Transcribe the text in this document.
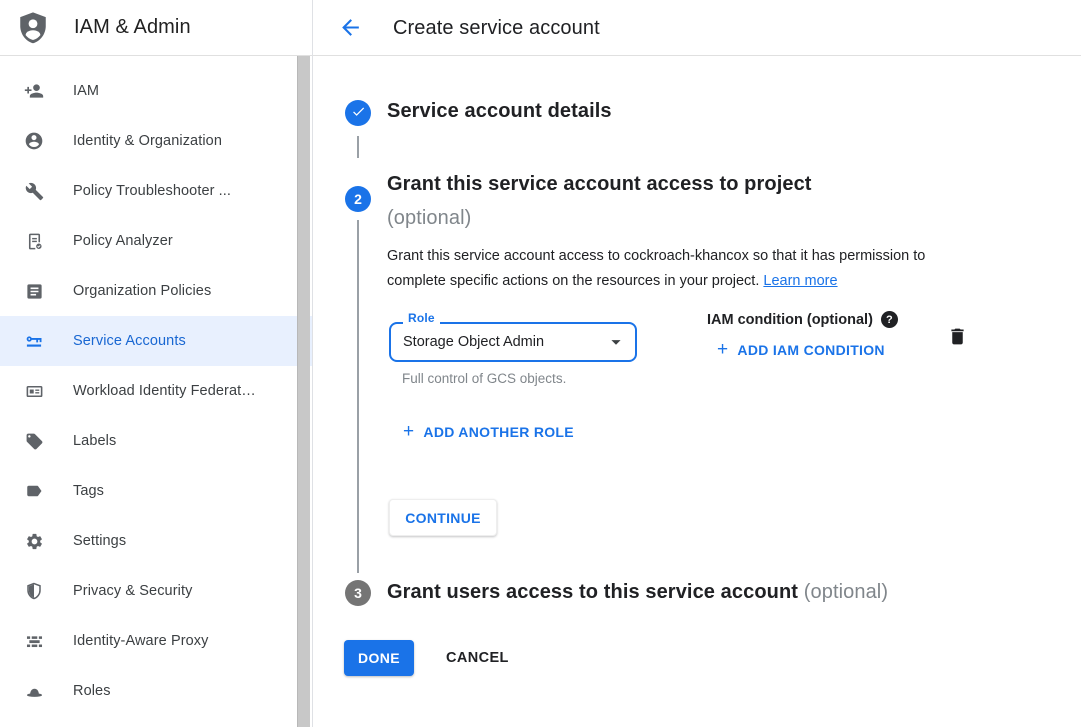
IAM & Admin
IAM
Identity & Organization
Policy Troubleshooter ...
Policy Analyzer
Organization Policies
Service Accounts
Workload Identity Federat…
Labels
Tags
Settings
Privacy & Security
Identity-Aware Proxy
Roles
Create service account
Service account details
2
Grant this service account access to project
(optional)

Grant this service account access to cockroach-khancox so that it has permission to complete specific actions on the resources in your project. Learn more

Role
Storage Object Admin
Full control of GCS objects.
IAM condition (optional)	?
+ ADD IAM CONDITION
+ ADD ANOTHER ROLE
CONTINUE
3 Grant users access to this service account (optional)
DONE	CANCEL
